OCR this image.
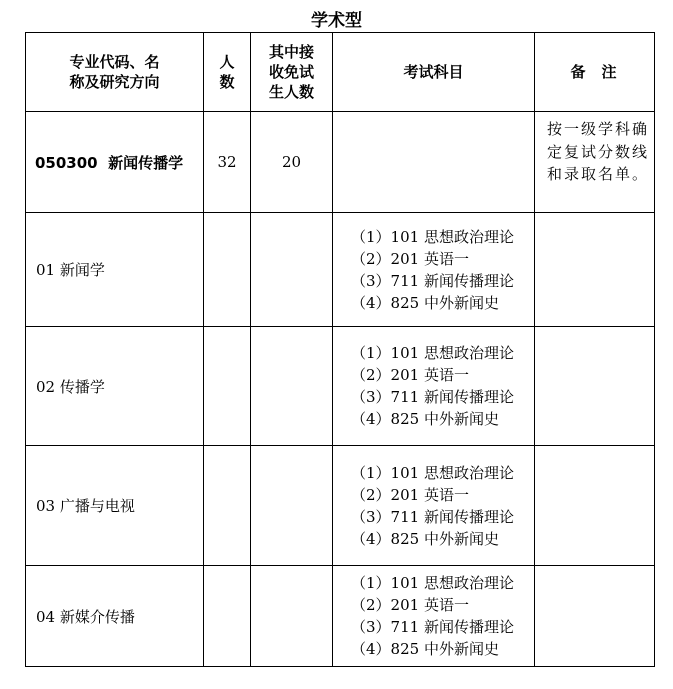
学术型
专业代码、名称及研究方向	人数	其中接收免试生人数	考试科目	备注
050300  新闻传播学	32	20		按一级学科确定复试分数线和录取名单。
01 新闻学			（1）101 思想政治理论
（2）201 英语一
（3）711 新闻传播理论
（4）825 中外新闻史	

02 传播学			（1）101 思想政治理论
（2）201 英语一
（3）711 新闻传播理论
（4）825 中外新闻史	

03 广播与电视			（1）101 思想政治理论
（2）201 英语一
（3）711 新闻传播理论
（4）825 中外新闻史	

04 新媒介传播			（1）101 思想政治理论
（2）201 英语一
（3）711 新闻传播理论
（4）825 中外新闻史	
